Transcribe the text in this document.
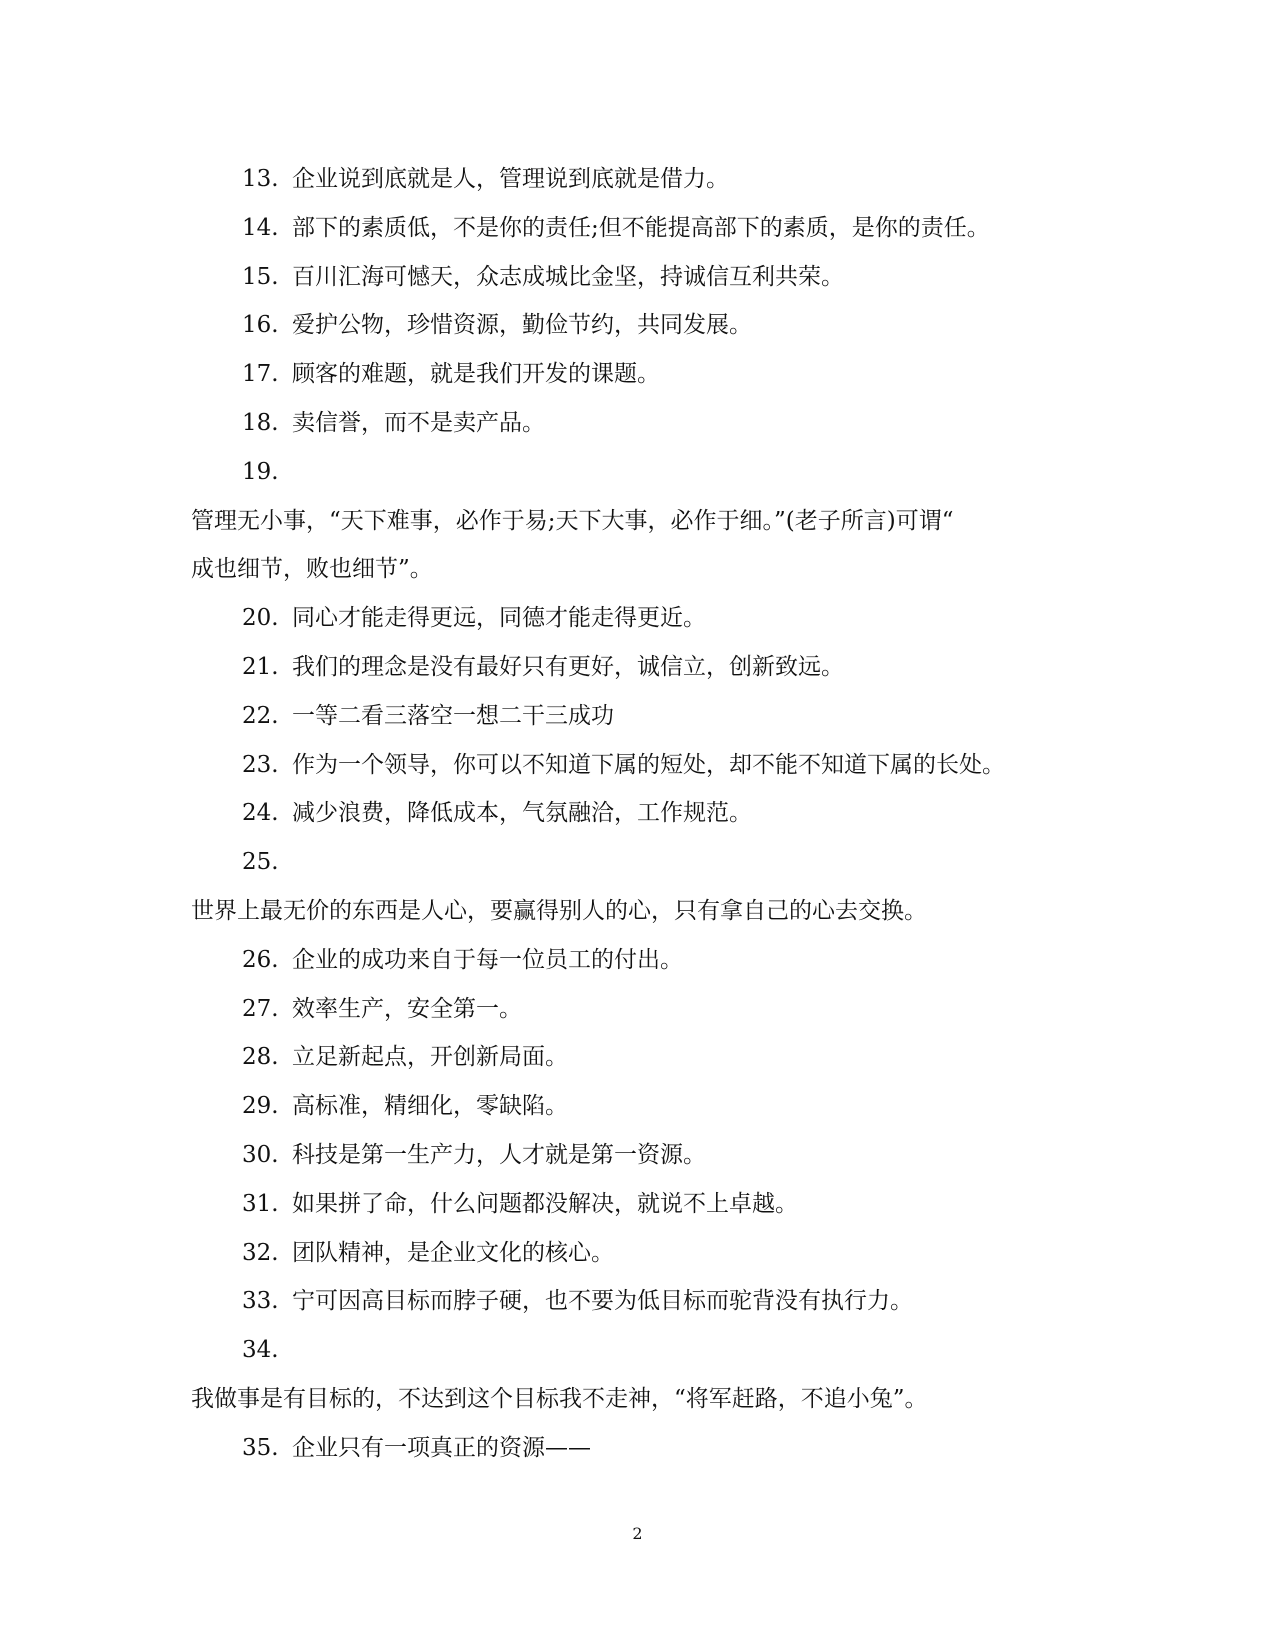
13. 企业说到底就是人，管理说到底就是借力。
14. 部下的素质低，不是你的责任;但不能提高部下的素质，是你的责任。
15. 百川汇海可憾天，众志成城比金坚，持诚信互利共荣。
16. 爱护公物，珍惜资源，勤俭节约，共同发展。
17. 顾客的难题，就是我们开发的课题。
18. 卖信誉，而不是卖产品。
19.
管理无小事，“天下难事，必作于易;天下大事，必作于细。”(老子所言)可谓“
成也细节，败也细节”。
20. 同心才能走得更远，同德才能走得更近。
21. 我们的理念是没有最好只有更好，诚信立，创新致远。
22. 一等二看三落空一想二干三成功
23. 作为一个领导，你可以不知道下属的短处，却不能不知道下属的长处。
24. 减少浪费，降低成本，气氛融洽，工作规范。
25.
世界上最无价的东西是人心，要赢得别人的心，只有拿自己的心去交换。
26. 企业的成功来自于每一位员工的付出。
27. 效率生产，安全第一。
28. 立足新起点，开创新局面。
29. 高标准，精细化，零缺陷。
30. 科技是第一生产力，人才就是第一资源。
31. 如果拼了命，什么问题都没解决，就说不上卓越。
32. 团队精神，是企业文化的核心。
33. 宁可因高目标而脖子硬，也不要为低目标而驼背没有执行力。
34.
我做事是有目标的，不达到这个目标我不走神，“将军赶路，不追小兔”。
35. 企业只有一项真正的资源——
2
